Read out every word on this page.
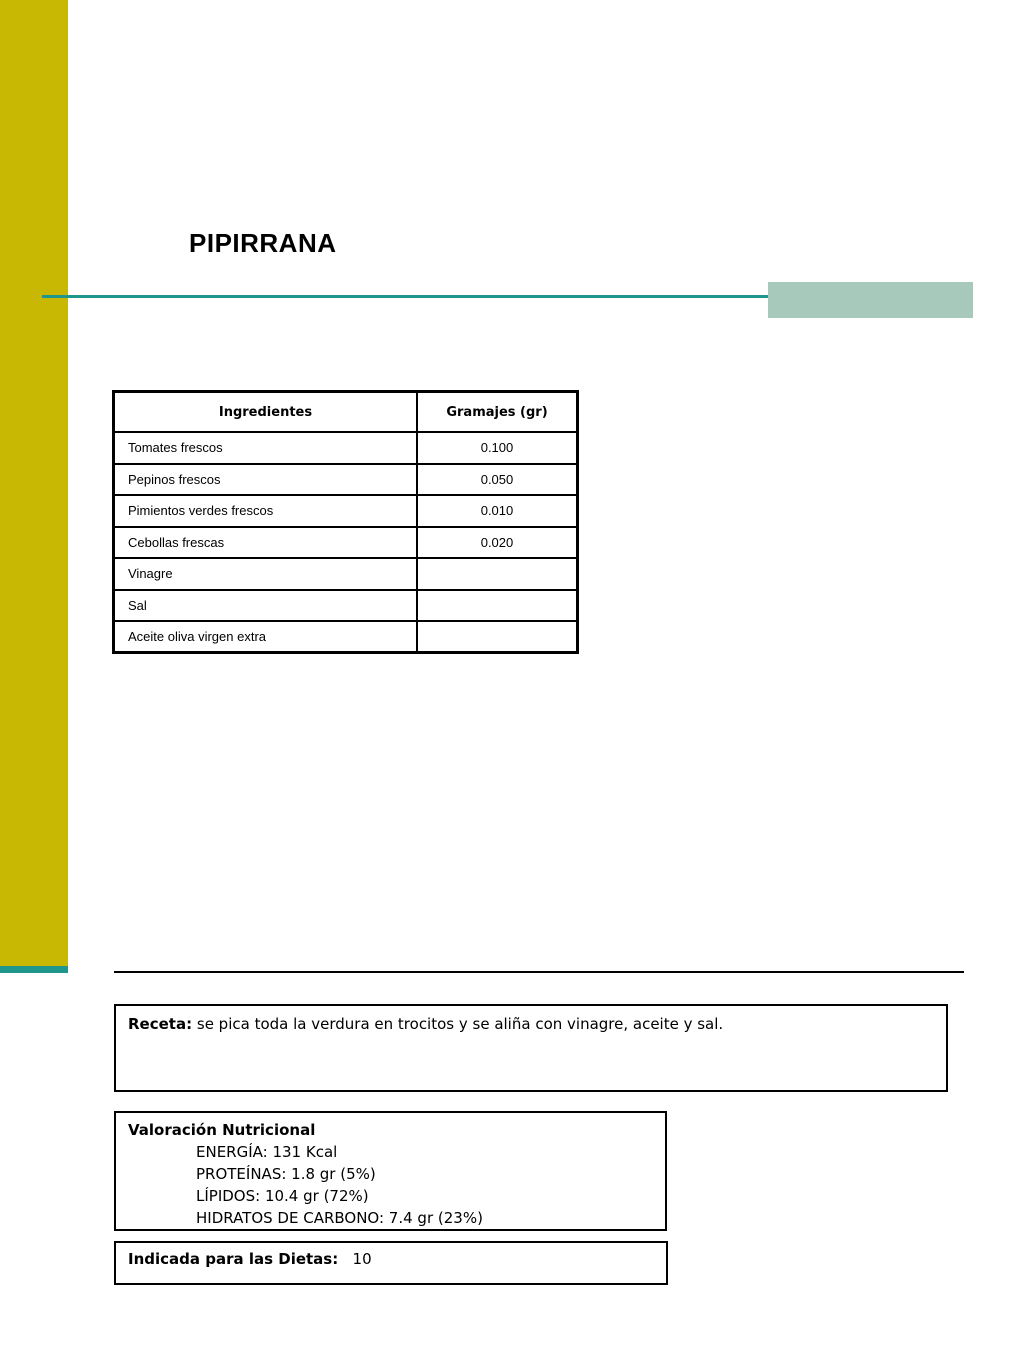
PIPIRRANA
Ingredientes	Gramajes (gr)
Tomates frescos	0.100
Pepinos frescos	0.050
Pimientos verdes frescos	0.010
Cebollas frescas	0.020
Vinagre	
Sal	
Aceite oliva virgen extra	
Receta: se pica toda la verdura en trocitos y se aliña con vinagre, aceite y sal.
Valoración Nutricional
ENERGÍA: 131 Kcal
PROTEÍNAS: 1.8 gr (5%)
LÍPIDOS: 10.4 gr (72%)
HIDRATOS DE CARBONO: 7.4 gr (23%)
Indicada para las Dietas: 10
